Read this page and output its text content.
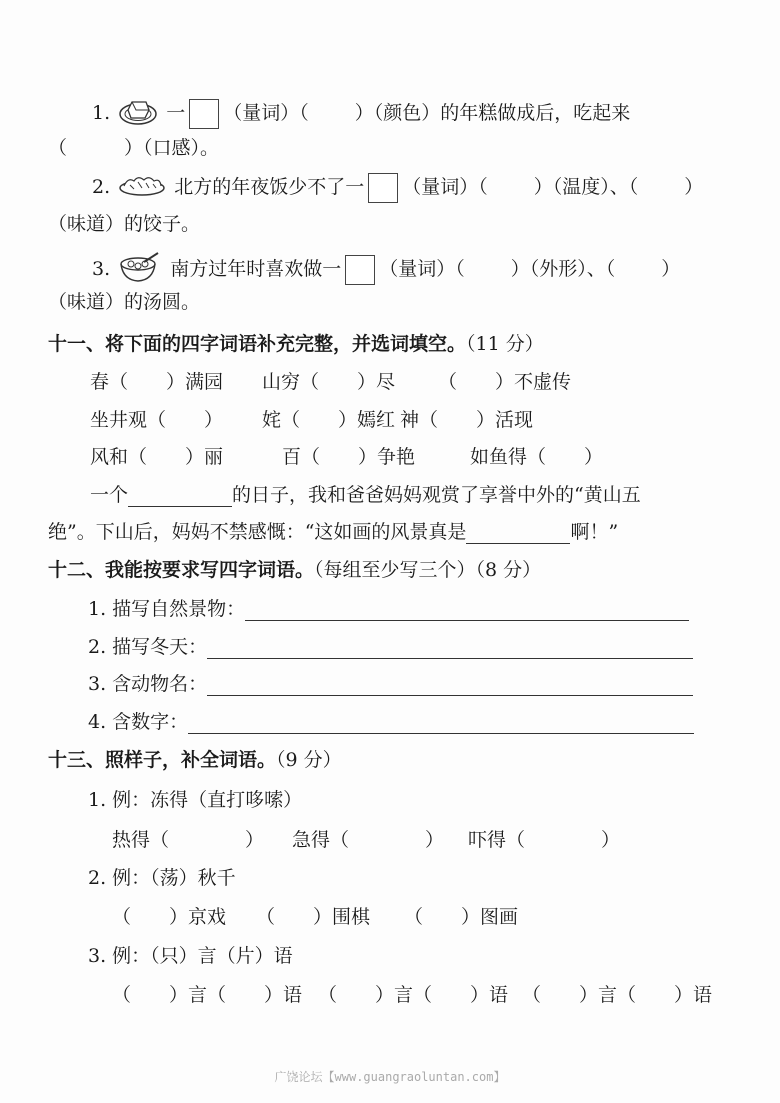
1.	一 （量词）（ ）（颜色）的年糕做成后，吃起来
（　　　）（口感）。
2.	北方的年夜饭少不了一 （量词）（ ）（温度）、（ ）
（味道）的饺子。
3.	南方过年时喜欢做一 （量词）（ ）（外形）、（ ）
（味道）的汤圆。
十一、将下面的四字词语补充完整，并选词填空。（11 分）
春（　　）满园 山穷（　　）尽 （　　）不虚传
坐井观（　　） 姹（　　）嫣红 神（　　）活现
风和（　　）丽	百（　　）争艳	如鱼得（　　）
一个	的日子，我和爸爸妈妈观赏了享誉中外的“黄山五
绝”。下山后，妈妈不禁感慨：“这如画的风景真是	啊！”
十二、我能按要求写四字词语。（每组至少写三个）（8 分）
1. 描写自然景物：
2. 描写冬天：
3. 含动物名：
4. 含数字：
十三、照样子，补全词语。（9 分）
1. 例：冻得（直打哆嗦）
热得（　　　　） 急得（　　　　） 吓得（　　　　）
2. 例：（荡）秋千
（　　）京戏 （　　）围棋 （　　）图画
3. 例：（只）言（片）语
（　　）言（　　）语 （　　）言（　　）语 （　　）言（　　）语
广饶论坛【www.guangraoluntan.com】
